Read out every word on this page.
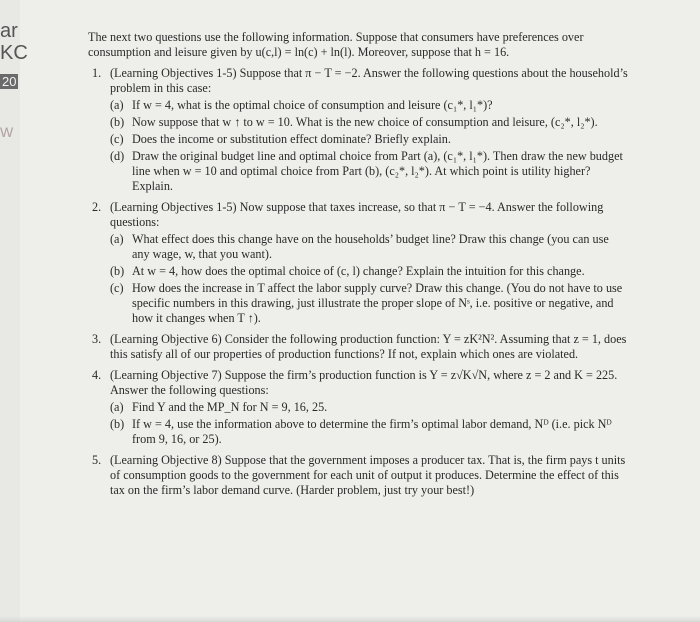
ar
KC
20
W

The next two questions use the following information. Suppose that consumers have preferences over consumption and leisure given by u(c,l) = ln(c) + ln(l). Moreover, suppose that h = 16.

1. (Learning Objectives 1-5) Suppose that π − T = −2. Answer the following questions about the household’s problem in this case:

(a) If w = 4, what is the optimal choice of consumption and leisure (c₁*, l₁*)?

(b) Now suppose that w ↑ to w = 10. What is the new choice of consumption and leisure, (c₂*, l₂*).

(c) Does the income or substitution effect dominate? Briefly explain.

(d) Draw the original budget line and optimal choice from Part (a), (c₁*, l₁*). Then draw the new budget line when w = 10 and optimal choice from Part (b), (c₂*, l₂*). At which point is utility higher? Explain.

2. (Learning Objectives 1-5) Now suppose that taxes increase, so that π − T = −4. Answer the following questions:

(a) What effect does this change have on the households’ budget line? Draw this change (you can use any wage, w, that you want).

(b) At w = 4, how does the optimal choice of (c, l) change? Explain the intuition for this change.

(c) How does the increase in T affect the labor supply curve? Draw this change. (You do not have to use specific numbers in this drawing, just illustrate the proper slope of Nˢ, i.e. positive or negative, and how it changes when T ↑).

3. (Learning Objective 6) Consider the following production function: Y = zK²N². Assuming that z = 1, does this satisfy all of our properties of production functions? If not, explain which ones are violated.

4. (Learning Objective 7) Suppose the firm’s production function is Y = z√K√N, where z = 2 and K = 225. Answer the following questions:

(a) Find Y and the MP_N for N = 9, 16, 25.

(b) If w = 4, use the information above to determine the firm’s optimal labor demand, Nᴰ (i.e. pick Nᴰ from 9, 16, or 25).

5. (Learning Objective 8) Suppose that the government imposes a producer tax. That is, the firm pays t units of consumption goods to the government for each unit of output it produces. Determine the effect of this tax on the firm’s labor demand curve. (Harder problem, just try your best!)
